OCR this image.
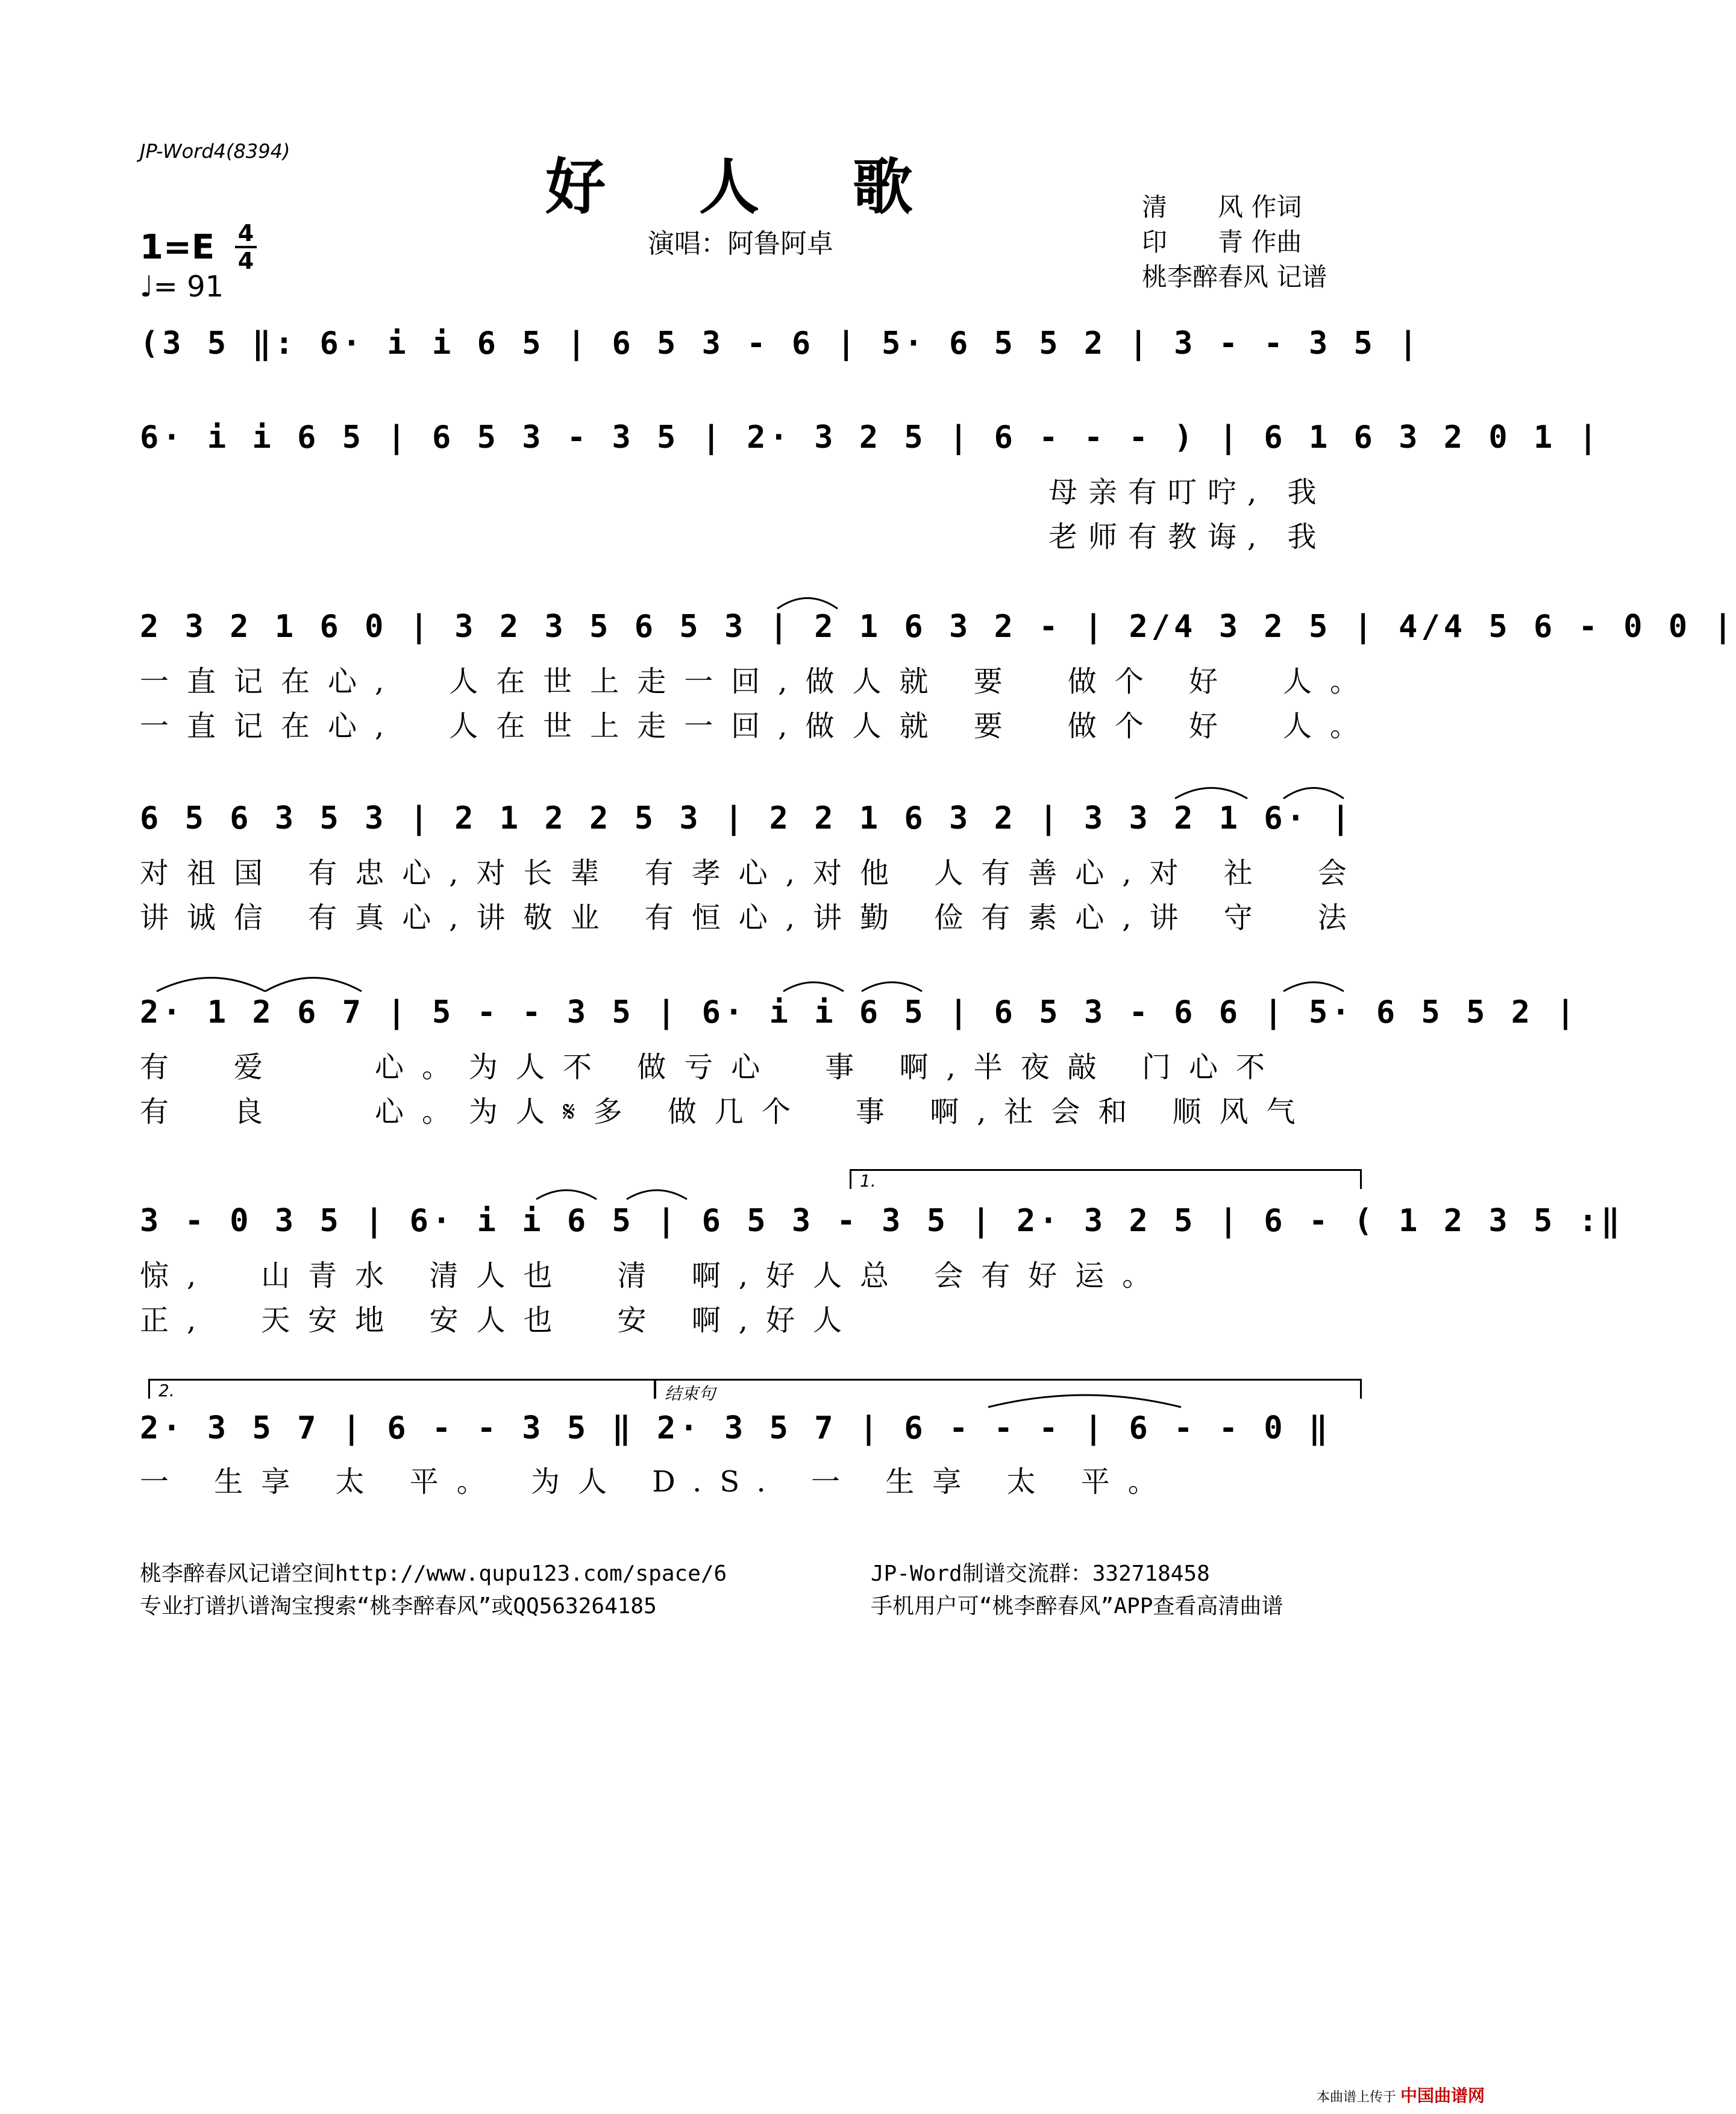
JP-Word4(8394)	好 人 歌
演唱：阿鲁阿卓
清　　风 作词
印　　青 作曲
桃李醉春风 记谱
1=E 4
4
♩= 91
(3 5 ‖: 6· i i 6 5 | 6 5 3 - 6 | 5· 6 5 5 2 | 3 - - 3 5 |
6· i i 6 5 | 6 5 3 - 3 5 | 2· 3 2 5 | 6 - - - ) | 6 1 6 3 2 0 1 |
母亲有叮咛, 我
老师有教诲, 我
2 3 2 1 6 0 | 3 2 3 5 6 5 3 | 2 1 6 3 2 - | 2/4 3 2 5 | 4/4 5 6 - 0 0 |
一直记在心,　人在世上走一回,做人就 要　做个 好　人。
一直记在心,　人在世上走一回,做人就 要　做个 好　人。
6 5 6 3 5 3 | 2 1 2 2 5 3 | 2 2 1 6 3 2 | 3 3 2 1 6· |
对祖国 有忠心,对长辈 有孝心,对他 人有善心,对 社　会
讲诚信 有真心,讲敬业 有恒心,讲勤 俭有素心,讲 守　法
2· 1 2 6 7 | 5 - - 3 5 | 6· i i 6 5 | 6 5 3 - 6 6 | 5· 6 5 5 2 |
有　爱　　心。为人不 做亏心　事 啊,半夜敲 门心不
有　良　　心。为人𝄋多 做几个　事 啊,社会和 顺风气
1.
3 - 0 3 5 | 6· i i 6 5 | 6 5 3 - 3 5 | 2· 3 2 5 | 6 - ( 1 2 3 5 :‖
惊,　山青水 清人也　清 啊,好人总 会有好运。
正,　天安地 安人也　安 啊,好人
2.	结束句
2· 3 5 7 | 6 - - 3 5 ‖ 2· 3 5 7 | 6 - - - | 6 - - 0 ‖
一 生享 太 平。 为人 D.S. 一 生享 太 平。
桃李醉春风记谱空间http://www.qupu123.com/space/6
专业打谱扒谱淘宝搜索“桃李醉春风”或QQ563264185
JP-Word制谱交流群：332718458
手机用户可“桃李醉春风”APP查看高清曲谱
本曲谱上传于 中国曲谱网
